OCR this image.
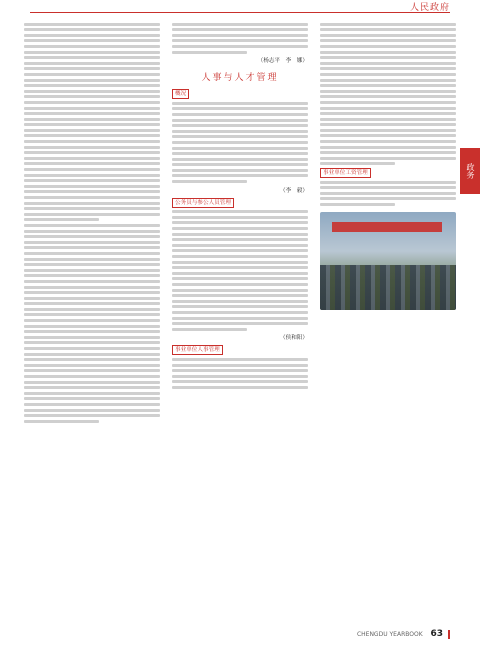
人民政府

（杨志平　李　娜）
人事与人才管理

概况

（李　毅）

公务员与参公人员管理

（侯和阳）

事业单位人事管理

事业单位工资管理	政务
CHENGDU YEARBOOK 63
